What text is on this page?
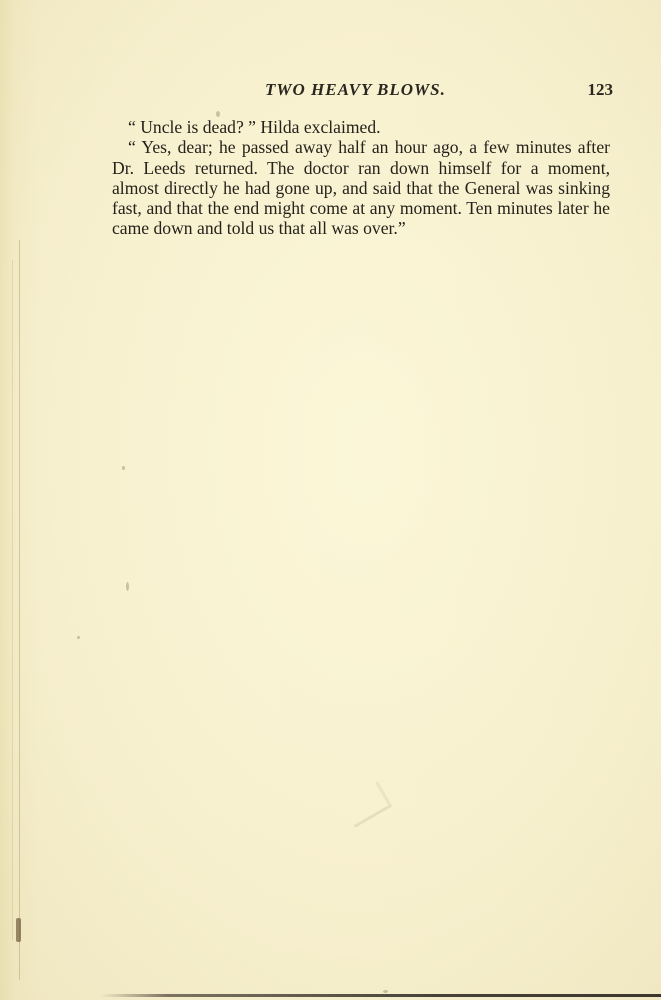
TWO HEAVY BLOWS.	123

“ Uncle is dead? ” Hilda exclaimed.

“ Yes, dear; he passed away half an hour ago, a few minutes after Dr. Leeds returned. The doctor ran down himself for a moment, almost directly he had gone up, and said that the General was sinking fast, and that the end might come at any moment. Ten minutes later he came down and told us that all was over.”
